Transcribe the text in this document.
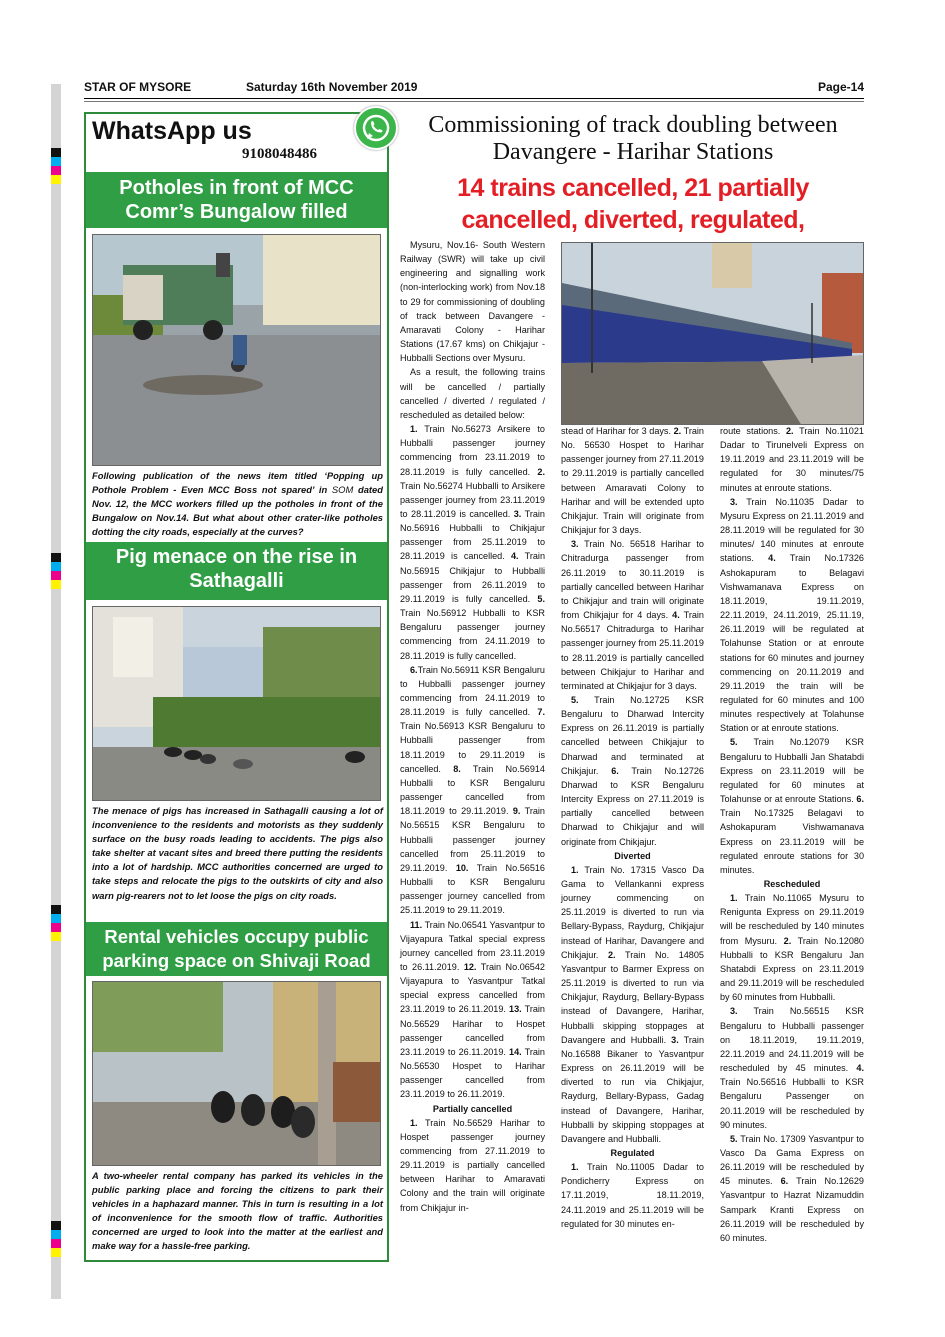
STAR OF MYSORE	Saturday 16th November 2019	Page-14
WhatsApp us
9108048486
Potholes in front of MCC Comr’s Bungalow filled
Following publication of the news item titled ‘Popping up Pothole Problem - Even MCC Boss not spared’ in SOM dated Nov. 12, the MCC workers filled up the potholes in front of the Bungalow on Nov.14. But what about other crater-like potholes dotting the city roads, especially at the curves?
Pig menace on the rise in Sathagalli
The menace of pigs has increased in Sathagalli causing a lot of inconvenience to the residents and motorists as they suddenly surface on the busy roads leading to accidents. The pigs also take shelter at vacant sites and breed there putting the residents into a lot of hardship. MCC authorities concerned are urged to take steps and relocate the pigs to the outskirts of city and also warn pig-rearers not to let loose the pigs on city roads.
Rental vehicles occupy public parking space on Shivaji Road
A two-wheeler rental company has parked its vehicles in the public parking place and forcing the citizens to park their vehicles in a haphazard manner. This in turn is resulting in a lot of inconvenience for the smooth flow of traffic. Authorities concerned are urged to look into the matter at the earliest and make way for a hassle-free parking.
Commissioning of track doubling between
Davangere - Harihar Stations
14 trains cancelled, 21 partially cancelled, diverted, regulated,

Mysuru, Nov.16- South Western Railway (SWR) will take up civil engineering and signalling work (non-interlocking work) from Nov.18 to 29 for commissioning of doubling of track between Davangere - Amaravati Colony - Harihar Stations (17.67 kms) on Chikjajur - Hubballi Sections over Mysuru.

As a result, the following trains will be cancelled / partially cancelled / diverted / regulated / rescheduled as detailed below:

1. Train No.56273 Arsikere to Hubballi passenger journey commencing from 23.11.2019 to 28.11.2019 is fully cancelled. 2. Train No.56274 Hubballi to Arsikere passenger journey from 23.11.2019 to 28.11.2019 is cancelled. 3. Train No.56916 Hubballi to Chikjajur passenger from 25.11.2019 to 28.11.2019 is cancelled. 4. Train No.56915 Chikjajur to Hubballi passenger from 26.11.2019 to 29.11.2019 is fully cancelled. 5. Train No.56912 Hubballi to KSR Bengaluru passenger journey commencing from 24.11.2019 to 28.11.2019 is fully cancelled.

6.Train No.56911 KSR Bengaluru to Hubballi passenger journey commencing from 24.11.2019 to 28.11.2019 is fully cancelled. 7. Train No.56913 KSR Bengaluru to Hubballi passenger from 18.11.2019 to 29.11.2019 is cancelled. 8. Train No.56914 Hubballi to KSR Bengaluru passenger cancelled from 18.11.2019 to 29.11.2019. 9. Train No.56515 KSR Bengaluru to Hubballi passenger journey cancelled from 25.11.2019 to 29.11.2019. 10. Train No.56516 Hubballi to KSR Bengaluru passenger journey cancelled from 25.11.2019 to 29.11.2019.

11. Train No.06541 Yasvantpur to Vijayapura Tatkal special express journey cancelled from 23.11.2019 to 26.11.2019. 12. Train No.06542 Vijayapura to Yasvantpur Tatkal special express cancelled from 23.11.2019 to 26.11.2019. 13. Train No.56529 Harihar to Hospet passenger cancelled from 23.11.2019 to 26.11.2019. 14. Train No.56530 Hospet to Harihar passenger cancelled from 23.11.2019 to 26.11.2019.

Partially cancelled

1. Train No.56529 Harihar to Hospet passenger journey commencing from 27.11.2019 to 29.11.2019 is partially cancelled between Harihar to Amaravati Colony and the train will originate from Chikjajur in-

stead of Harihar for 3 days. 2. Train No. 56530 Hospet to Harihar passenger journey from 27.11.2019 to 29.11.2019 is partially cancelled between Amaravati Colony to Harihar and will be extended upto Chikjajur. Train will originate from Chikjajur for 3 days.

3. Train No. 56518 Harihar to Chitradurga passenger from 26.11.2019 to 30.11.2019 is partially cancelled between Harihar to Chikjajur and train will originate from Chikjajur for 4 days. 4. Train No.56517 Chitradurga to Harihar passenger journey from 25.11.2019 to 28.11.2019 is partially cancelled between Chikjajur to Harihar and terminated at Chikjajur for 3 days.

5. Train No.12725 KSR Bengaluru to Dharwad Intercity Express on 26.11.2019 is partially cancelled between Chikjajur to Dharwad and terminated at Chikjajur. 6. Train No.12726 Dharwad to KSR Bengaluru Intercity Express on 27.11.2019 is partially cancelled between Dharwad to Chikjajur and will originate from Chikjajur.

Diverted

1. Train No. 17315 Vasco Da Gama to Vellankanni express journey commencing on 25.11.2019 is diverted to run via Bellary-Bypass, Raydurg, Chikjajur instead of Harihar, Davangere and Chikjajur. 2. Train No. 14805 Yasvantpur to Barmer Express on 25.11.2019 is diverted to run via Chikjajur, Raydurg, Bellary-Bypass instead of Davangere, Harihar, Hubballi skipping stoppages at Davangere and Hubballi. 3. Train No.16588 Bikaner to Yasvantpur Express on 26.11.2019 will be diverted to run via Chikjajur, Raydurg, Bellary-Bypass, Gadag instead of Davangere, Harihar, Hubballi by skipping stoppages at Davangere and Hubballi.

Regulated

1. Train No.11005 Dadar to Pondicherry Express on 17.11.2019, 18.11.2019, 24.11.2019 and 25.11.2019 will be regulated for 30 minutes en-

route stations. 2. Train No.11021 Dadar to Tirunelveli Express on 19.11.2019 and 23.11.2019 will be regulated for 30 minutes/75 minutes at enroute stations.

3. Train No.11035 Dadar to Mysuru Express on 21.11.2019 and 28.11.2019 will be regulated for 30 minutes/ 140 minutes at enroute stations. 4. Train No.17326 Ashokapuram to Belagavi Vishwamanava Express on 18.11.2019, 19.11.2019, 22.11.2019, 24.11.2019, 25.11.19, 26.11.2019 will be regulated at Tolahunse Station or at enroute stations for 60 minutes and journey commencing on 20.11.2019 and 29.11.2019 the train will be regulated for 60 minutes and 100 minutes respectively at Tolahunse Station or at enroute stations.

5. Train No.12079 KSR Bengaluru to Hubballi Jan Shatabdi Express on 23.11.2019 will be regulated for 60 minutes at Tolahunse or at enroute Stations. 6. Train No.17325 Belagavi to Ashokapuram Vishwamanava Express on 23.11.2019 will be regulated enroute stations for 30 minutes.

Rescheduled

1. Train No.11065 Mysuru to Renigunta Express on 29.11.2019 will be rescheduled by 140 minutes from Mysuru. 2. Train No.12080 Hubballi to KSR Bengaluru Jan Shatabdi Express on 23.11.2019 and 29.11.2019 will be rescheduled by 60 minutes from Hubballi.

3. Train No.56515 KSR Bengaluru to Hubballi passenger on 18.11.2019, 19.11.2019, 22.11.2019 and 24.11.2019 will be rescheduled by 45 minutes. 4. Train No.56516 Hubballi to KSR Bengaluru Passenger on 20.11.2019 will be rescheduled by 90 minutes.

5. Train No. 17309 Yasvantpur to Vasco Da Gama Express on 26.11.2019 will be rescheduled by 45 minutes. 6. Train No.12629 Yasvantpur to Hazrat Nizamuddin Sampark Kranti Express on 26.11.2019 will be rescheduled by 60 minutes.
